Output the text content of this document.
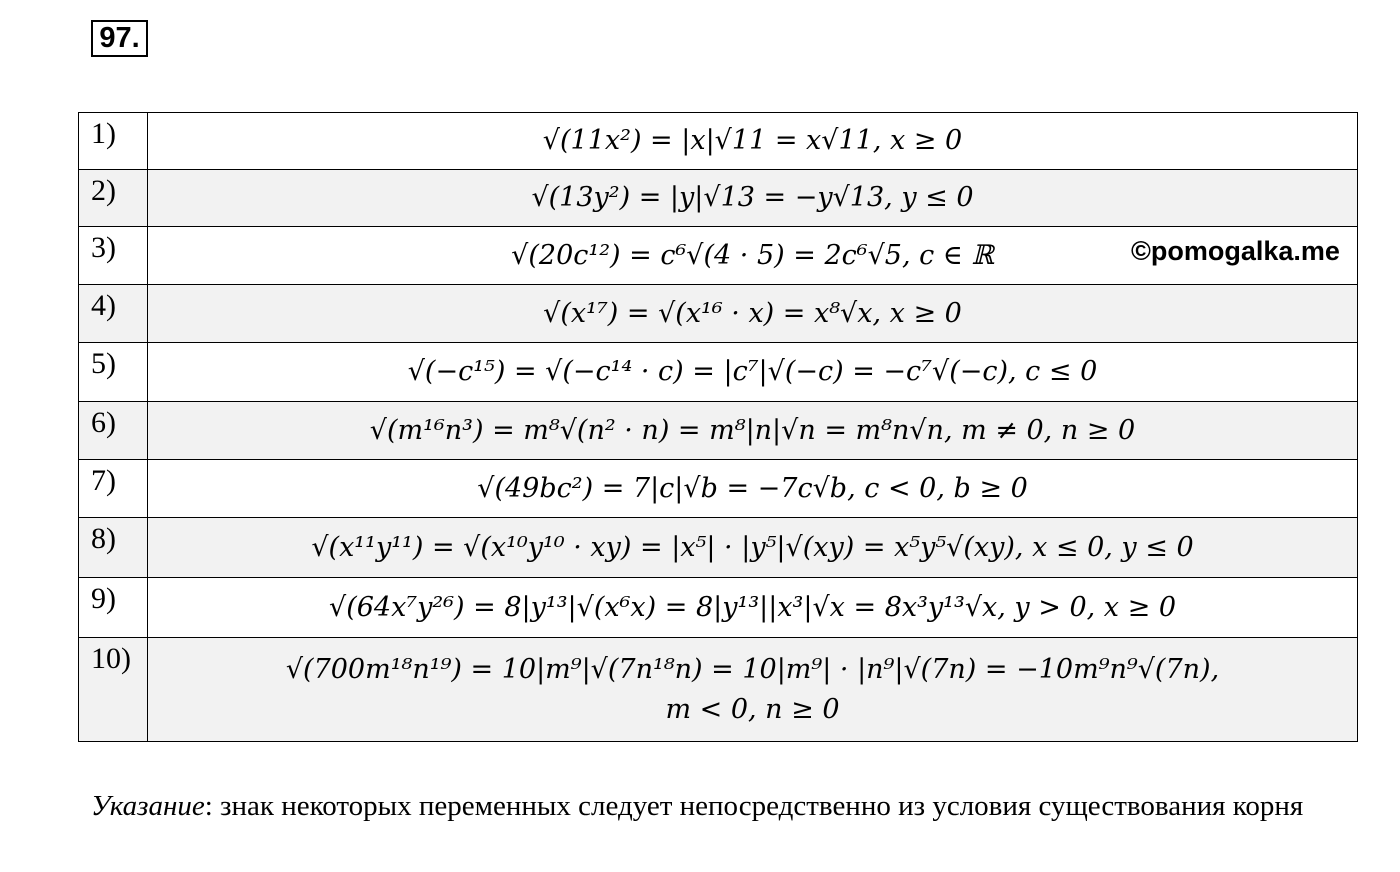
97.
1)	√(11x²) = |x|√11 = x√11, x ≥ 0
2)	√(13y²) = |y|√13 = −y√13, y ≤ 0
3)	√(20c¹²) = c⁶√(4 · 5) = 2c⁶√5, c ∈ ℝ
4)	√(x¹⁷) = √(x¹⁶ · x) = x⁸√x, x ≥ 0
5)	√(−c¹⁵) = √(−c¹⁴ · c) = |c⁷|√(−c) = −c⁷√(−c), c ≤ 0
6)	√(m¹⁶n³) = m⁸√(n² · n) = m⁸|n|√n = m⁸n√n, m ≠ 0, n ≥ 0
7)	√(49bc²) = 7|c|√b = −7c√b, c < 0, b ≥ 0
8)	√(x¹¹y¹¹) = √(x¹⁰y¹⁰ · xy) = |x⁵| · |y⁵|√(xy) = x⁵y⁵√(xy), x ≤ 0, y ≤ 0
9)	√(64x⁷y²⁶) = 8|y¹³|√(x⁶x) = 8|y¹³||x³|√x = 8x³y¹³√x, y > 0, x ≥ 0
10)	√(700m¹⁸n¹⁹) = 10|m⁹|√(7n¹⁸n) = 10|m⁹| · |n⁹|√(7n) = −10m⁹n⁹√(7n),
m < 0, n ≥ 0
©pomogalka.me
Указание: знак некоторых переменных следует непосредственно из условия существования корня
